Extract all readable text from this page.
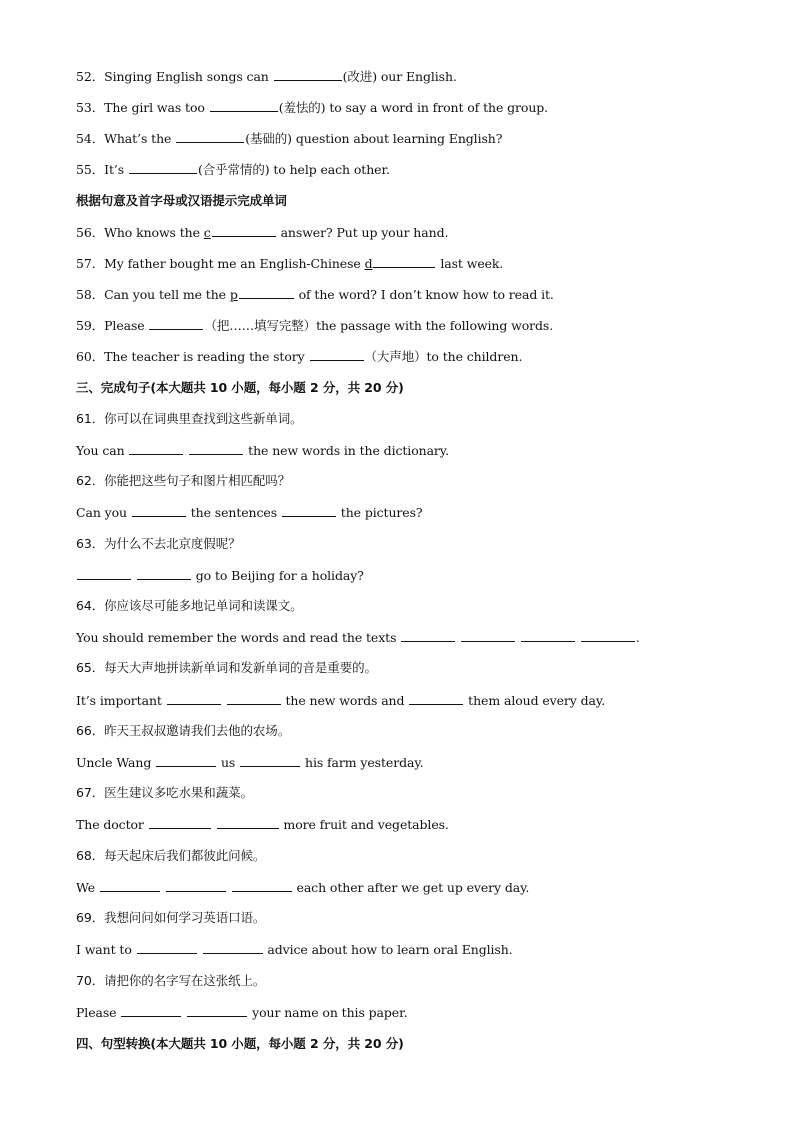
52．Singing English songs can	(改进) our English.
53．The girl was too	(羞怯的) to say a word in front of the group.
54．What’s the	(基础的) question about learning English?
55．It’s	(合乎常情的) to help each other.
根据句意及首字母或汉语提示完成单词
56．Who knows the c	answer? Put up your hand.
57．My father bought me an English-Chinese d	last week.
58．Can you tell me the p	of the word? I don’t know how to read it.
59．Please	（把……填写完整）the passage with the following words.
60．The teacher is reading the story	（大声地）to the children.
三、完成句子(本大题共 10 小题，每小题 2 分，共 20 分)
61．你可以在词典里查找到这些新单词。
You can	the new words in the dictionary.
62．你能把这些句子和图片相匹配吗？
Can you	the sentences	the pictures?
63．为什么不去北京度假呢？
go to Beijing for a holiday?
64．你应该尽可能多地记单词和读课文。
You should remember the words and read the texts	.
65．每天大声地拼读新单词和发新单词的音是重要的。
It’s important	the new words and	them aloud every day.
66．昨天王叔叔邀请我们去他的农场。
Uncle Wang	us	his farm yesterday.
67．医生建议多吃水果和蔬菜。
The doctor	more fruit and vegetables.
68．每天起床后我们都彼此问候。
We	each other after we get up every day.
69．我想问问如何学习英语口语。
I want to	advice about how to learn oral English.
70．请把你的名字写在这张纸上。
Please	your name on this paper.
四、句型转换(本大题共 10 小题，每小题 2 分，共 20 分)
